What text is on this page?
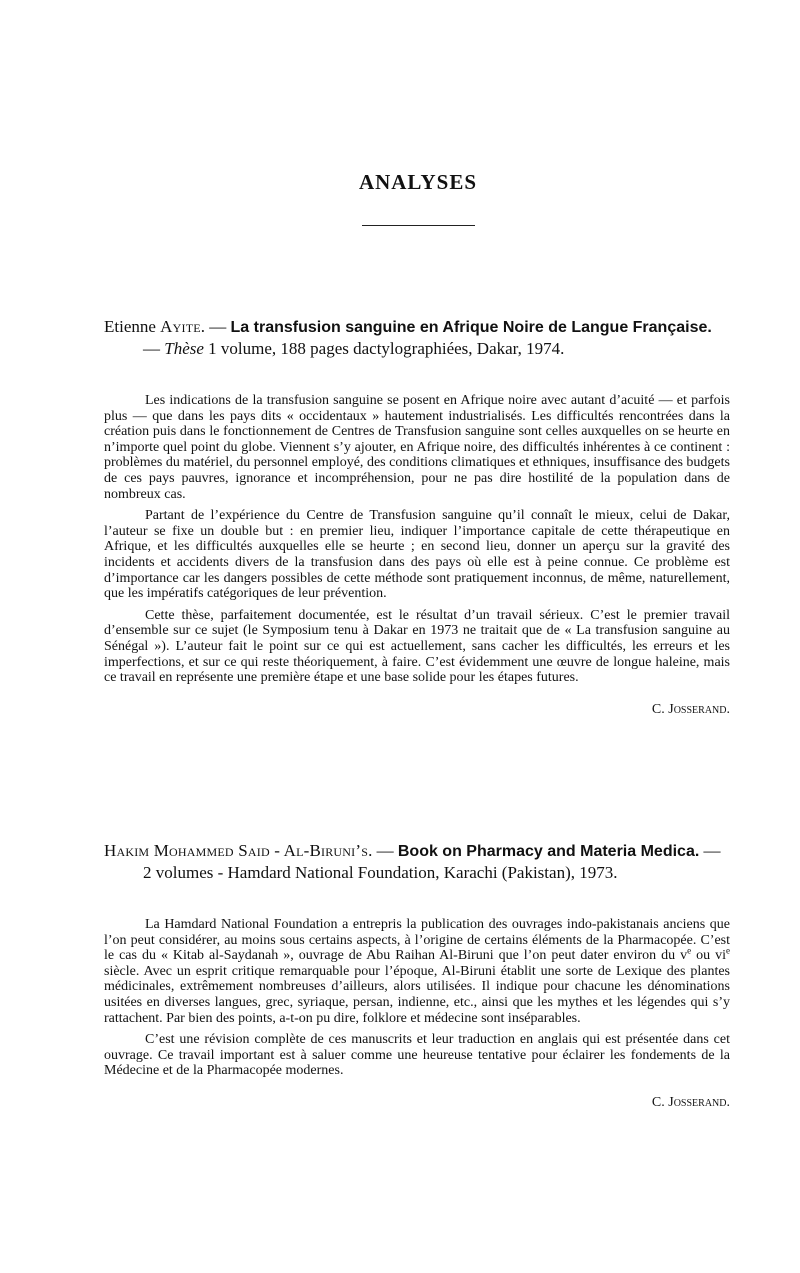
ANALYSES

Etienne Ayite. — La transfusion sanguine en Afrique Noire de Langue Française. — Thèse 1 volume, 188 pages dactylographiées, Dakar, 1974.

Les indications de la transfusion sanguine se posent en Afrique noire avec autant d’acuité — et parfois plus — que dans les pays dits « occidentaux » hautement industrialisés. Les difficultés rencontrées dans la création puis dans le fonctionnement de Centres de Transfusion sanguine sont celles auxquelles on se heurte en n’importe quel point du globe. Viennent s’y ajouter, en Afrique noire, des difficultés inhérentes à ce continent : problèmes du matériel, du personnel employé, des conditions climatiques et ethniques, insuffisance des budgets de ces pays pauvres, ignorance et incompréhension, pour ne pas dire hostilité de la population dans de nombreux cas.

Partant de l’expérience du Centre de Transfusion sanguine qu’il connaît le mieux, celui de Dakar, l’auteur se fixe un double but : en premier lieu, indiquer l’importance capitale de cette thérapeutique en Afrique, et les difficultés auxquelles elle se heurte ; en second lieu, donner un aperçu sur la gravité des incidents et accidents divers de la transfusion dans des pays où elle est à peine connue. Ce problème est d’importance car les dangers possibles de cette méthode sont pratiquement inconnus, de même, naturellement, que les impératifs catégoriques de leur prévention.

Cette thèse, parfaitement documentée, est le résultat d’un travail sérieux. C’est le premier travail d’ensemble sur ce sujet (le Symposium tenu à Dakar en 1973 ne traitait que de « La transfusion sanguine au Sénégal »). L’auteur fait le point sur ce qui est actuellement, sans cacher les difficultés, les erreurs et les imperfections, et sur ce qui reste théoriquement, à faire. C’est évidemment une œuvre de longue haleine, mais ce travail en représente une première étape et une base solide pour les étapes futures.

C. Josserand.

Hakim Mohammed Said - Al-Biruni’s. — Book on Pharmacy and Materia Medica. — 2 volumes - Hamdard National Foundation, Karachi (Pakistan), 1973.

La Hamdard National Foundation a entrepris la publication des ouvrages indo-pakistanais anciens que l’on peut considérer, au moins sous certains aspects, à l’origine de certains éléments de la Pharmacopée. C’est le cas du « Kitab al-Saydanah », ouvrage de Abu Raihan Al-Biruni que l’on peut dater environ du $v^e$ ou $vi^e$ siècle. Avec un esprit critique remarquable pour l’époque, Al-Biruni établit une sorte de Lexique des plantes médicinales, extrêmement nombreuses d’ailleurs, alors utilisées. Il indique pour chacune les dénominations usitées en diverses langues, grec, syriaque, persan, indienne, etc., ainsi que les mythes et les légendes qui s’y rattachent. Par bien des points, a-t-on pu dire, folklore et médecine sont inséparables.

C’est une révision complète de ces manuscrits et leur traduction en anglais qui est présentée dans cet ouvrage. Ce travail important est à saluer comme une heureuse tentative pour éclairer les fondements de la Médecine et de la Pharmacopée modernes.

C. Josserand.
